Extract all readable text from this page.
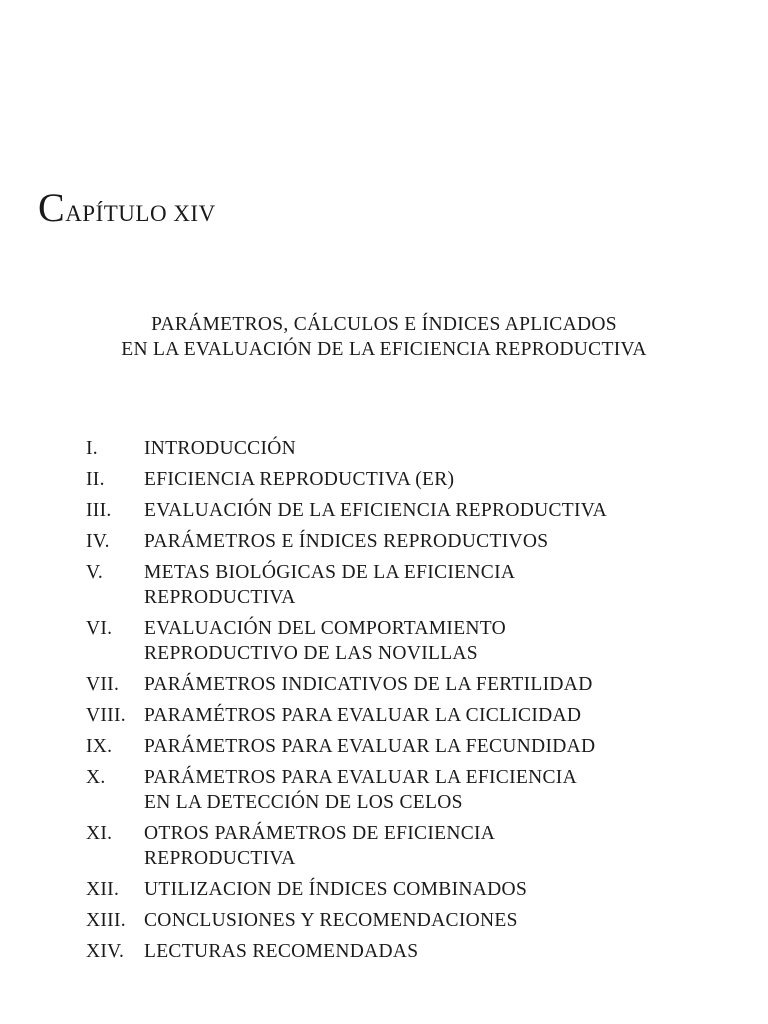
CAPÍTULO XIV
PARÁMETROS, CÁLCULOS E ÍNDICES APLICADOS
EN LA EVALUACIÓN DE LA EFICIENCIA REPRODUCTIVA
I.	INTRODUCCIÓN
II.	EFICIENCIA REPRODUCTIVA (ER)
III.	EVALUACIÓN DE LA EFICIENCIA REPRODUCTIVA
IV.	PARÁMETROS E ÍNDICES REPRODUCTIVOS
V.	METAS BIOLÓGICAS DE LA EFICIENCIA
REPRODUCTIVA
VI.	EVALUACIÓN DEL COMPORTAMIENTO
REPRODUCTIVO DE LAS NOVILLAS
VII.	PARÁMETROS INDICATIVOS DE LA FERTILIDAD
VIII. PARAMÉTROS PARA EVALUAR LA CICLICIDAD
IX.	PARÁMETROS PARA EVALUAR LA FECUNDIDAD
X.	PARÁMETROS PARA EVALUAR LA EFICIENCIA
EN LA DETECCIÓN DE LOS CELOS
XI.	OTROS PARÁMETROS DE EFICIENCIA
REPRODUCTIVA
XII.	UTILIZACION DE ÍNDICES COMBINADOS
XIII. CONCLUSIONES Y RECOMENDACIONES
XIV.	LECTURAS RECOMENDADAS
